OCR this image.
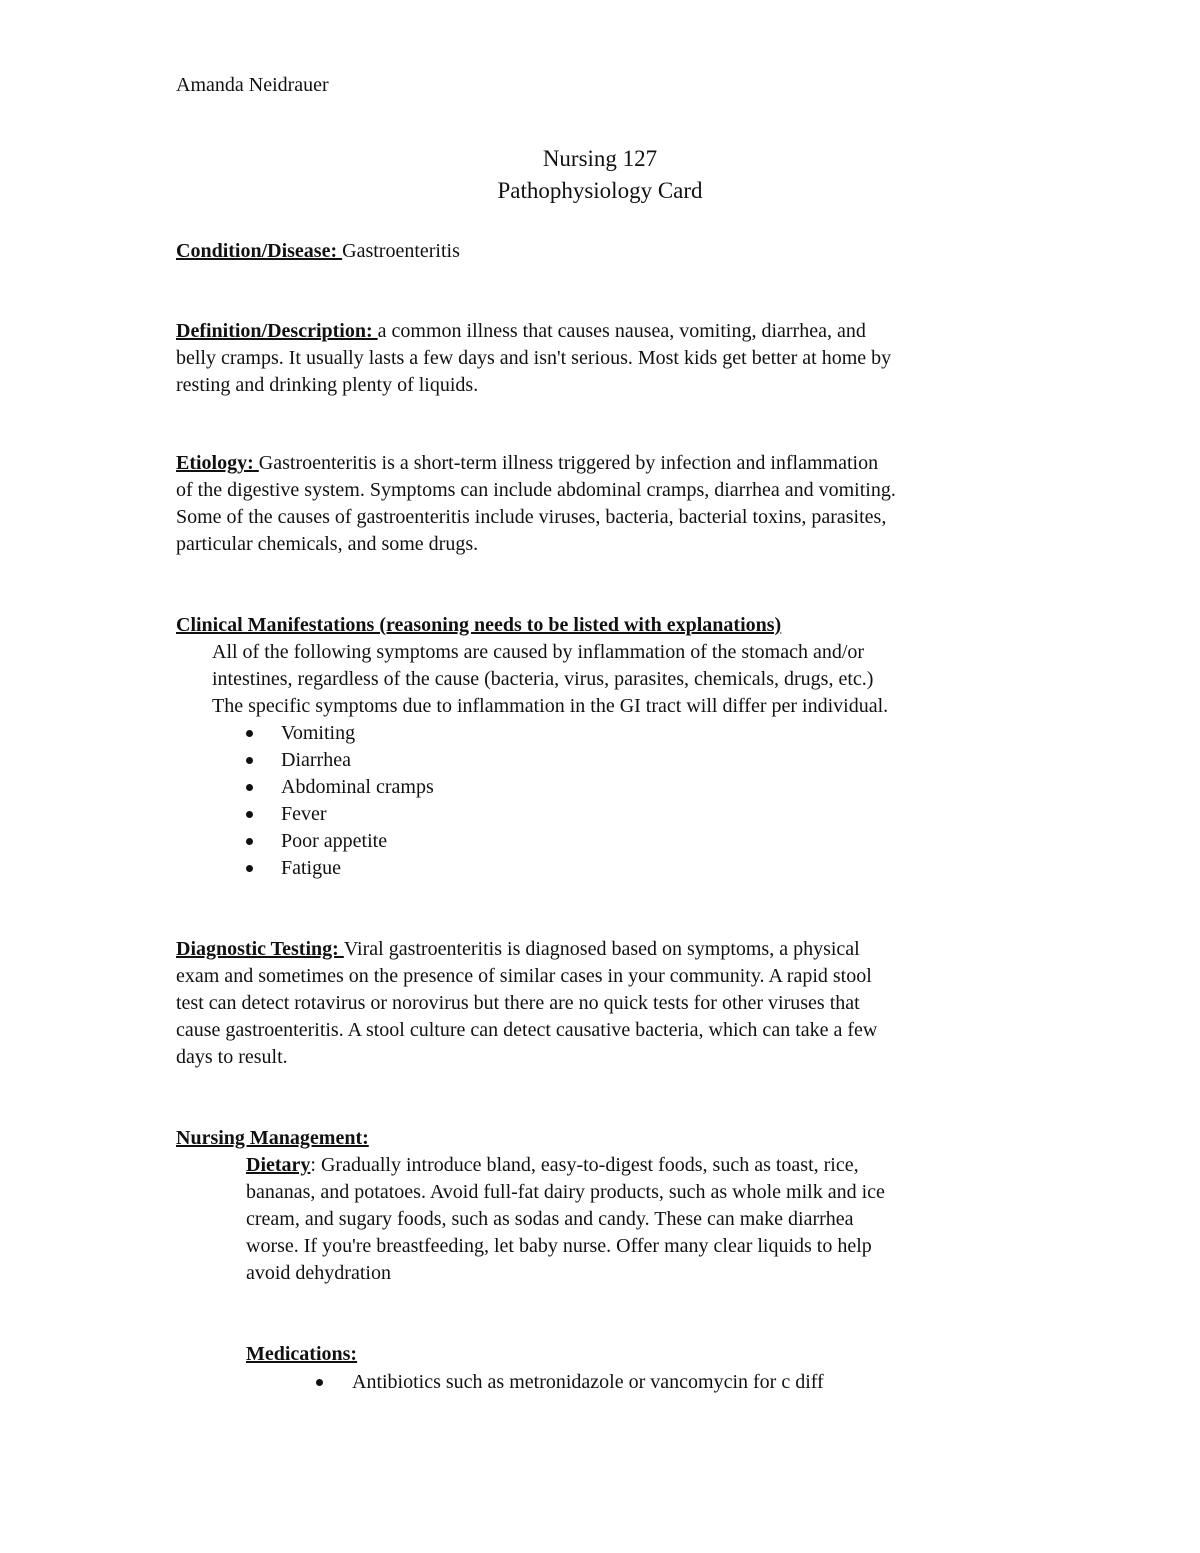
Amanda Neidrauer
Nursing 127
Pathophysiology Card
Condition/Disease: Gastroenteritis
Definition/Description: a common illness that causes nausea, vomiting, diarrhea, and
belly cramps. It usually lasts a few days and isn't serious. Most kids get better at home by
resting and drinking plenty of liquids.
Etiology: Gastroenteritis is a short-term illness triggered by infection and inflammation
of the digestive system. Symptoms can include abdominal cramps, diarrhea and vomiting.
Some of the causes of gastroenteritis include viruses, bacteria, bacterial toxins, parasites,
particular chemicals, and some drugs.
Clinical Manifestations (reasoning needs to be listed with explanations)
All of the following symptoms are caused by inflammation of the stomach and/or
intestines, regardless of the cause (bacteria, virus, parasites, chemicals, drugs, etc.)
The specific symptoms due to inflammation in the GI tract will differ per individual.
Vomiting
Diarrhea
Abdominal cramps
Fever
Poor appetite
Fatigue
Diagnostic Testing: Viral gastroenteritis is diagnosed based on symptoms, a physical
exam and sometimes on the presence of similar cases in your community. A rapid stool
test can detect rotavirus or norovirus but there are no quick tests for other viruses that
cause gastroenteritis. A stool culture can detect causative bacteria, which can take a few
days to result.
Nursing Management:
Dietary: Gradually introduce bland, easy-to-digest foods, such as toast, rice,
bananas, and potatoes. Avoid full-fat dairy products, such as whole milk and ice
cream, and sugary foods, such as sodas and candy. These can make diarrhea
worse. If you're breastfeeding, let baby nurse. Offer many clear liquids to help
avoid dehydration
Medications:
Antibiotics such as metronidazole or vancomycin for c diff
